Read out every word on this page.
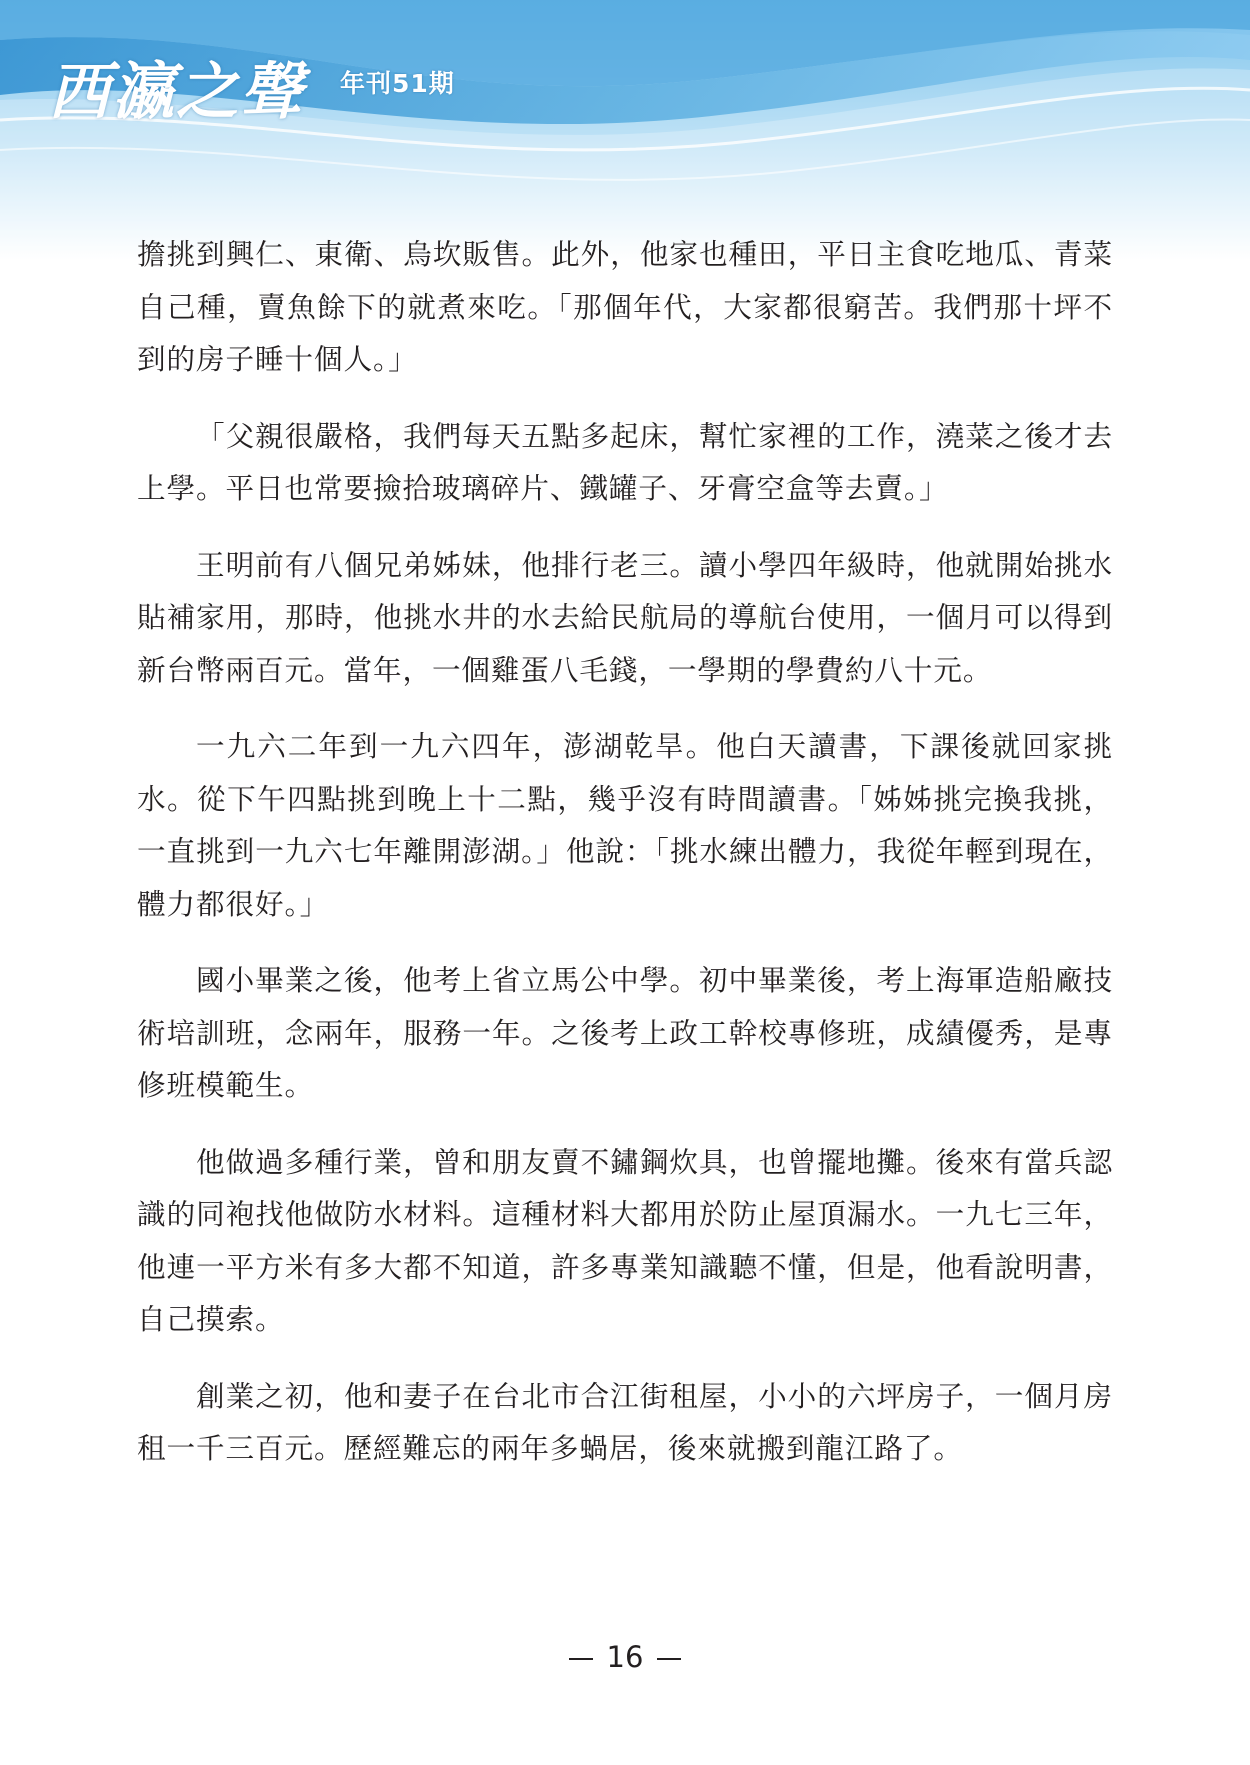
西瀛之聲 年刊51期

擔挑到興仁、東衛、烏坎販售。此外，他家也種田，平日主食吃地瓜、青菜自己種，賣魚餘下的就煮來吃。「那個年代，大家都很窮苦。我們那十坪不到的房子睡十個人。」

「父親很嚴格，我們每天五點多起床，幫忙家裡的工作，澆菜之後才去上學。平日也常要撿拾玻璃碎片、鐵罐子、牙膏空盒等去賣。」

王明前有八個兄弟姊妹，他排行老三。讀小學四年級時，他就開始挑水貼補家用，那時，他挑水井的水去給民航局的導航台使用，一個月可以得到新台幣兩百元。當年，一個雞蛋八毛錢，一學期的學費約八十元。

一九六二年到一九六四年，澎湖乾旱。他白天讀書，下課後就回家挑水。從下午四點挑到晚上十二點，幾乎沒有時間讀書。「姊姊挑完換我挑，一直挑到一九六七年離開澎湖。」他說：「挑水練出體力，我從年輕到現在，體力都很好。」

國小畢業之後，他考上省立馬公中學。初中畢業後，考上海軍造船廠技術培訓班，念兩年，服務一年。之後考上政工幹校專修班，成績優秀，是專修班模範生。

他做過多種行業，曾和朋友賣不鏽鋼炊具，也曾擺地攤。後來有當兵認識的同袍找他做防水材料。這種材料大都用於防止屋頂漏水。一九七三年，他連一平方米有多大都不知道，許多專業知識聽不懂，但是，他看說明書，自己摸索。

創業之初，他和妻子在台北市合江街租屋，小小的六坪房子，一個月房租一千三百元。歷經難忘的兩年多蝸居，後來就搬到龍江路了。

16
